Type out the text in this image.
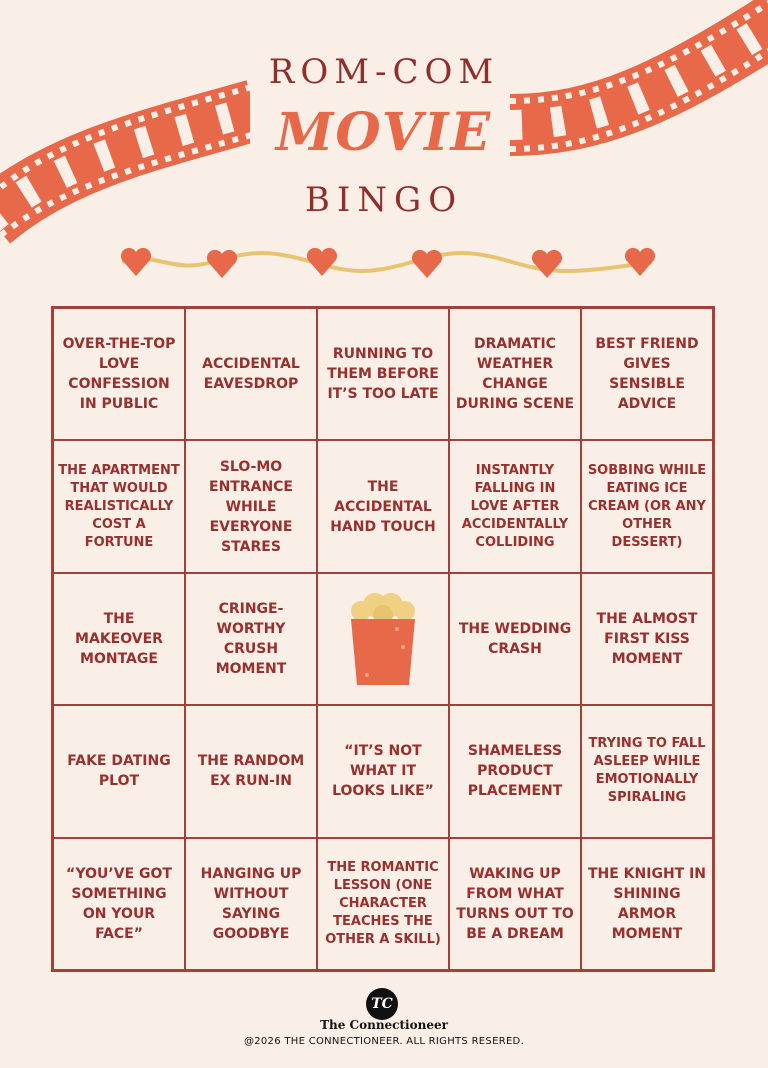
ROM-COM
MOVIE
BINGO
OVER-THE-TOP LOVE CONFESSION IN PUBLIC
ACCIDENTAL EAVESDROP
RUNNING TO THEM BEFORE IT’S TOO LATE
DRAMATIC WEATHER CHANGE DURING SCENE
BEST FRIEND GIVES SENSIBLE ADVICE
THE APARTMENT THAT WOULD REALISTICALLY COST A FORTUNE
SLO-MO ENTRANCE WHILE EVERYONE STARES
THE ACCIDENTAL HAND TOUCH
INSTANTLY FALLING IN LOVE AFTER ACCIDENTALLY COLLIDING
SOBBING WHILE EATING ICE CREAM (OR ANY OTHER DESSERT)
THE MAKEOVER MONTAGE
CRINGE-WORTHY CRUSH MOMENT
THE WEDDING CRASH
THE ALMOST FIRST KISS MOMENT
FAKE DATING PLOT
THE RANDOM EX RUN-IN
“IT’S NOT WHAT IT LOOKS LIKE”
SHAMELESS PRODUCT PLACEMENT
TRYING TO FALL ASLEEP WHILE EMOTIONALLY SPIRALING
“YOU’VE GOT SOMETHING ON YOUR FACE”
HANGING UP WITHOUT SAYING GOODBYE
THE ROMANTIC LESSON (ONE CHARACTER TEACHES THE OTHER A SKILL)
WAKING UP FROM WHAT TURNS OUT TO BE A DREAM
THE KNIGHT IN SHINING ARMOR MOMENT
TC
The Connectioneer
@2026 THE CONNECTIONEER. ALL RIGHTS RESERED.
